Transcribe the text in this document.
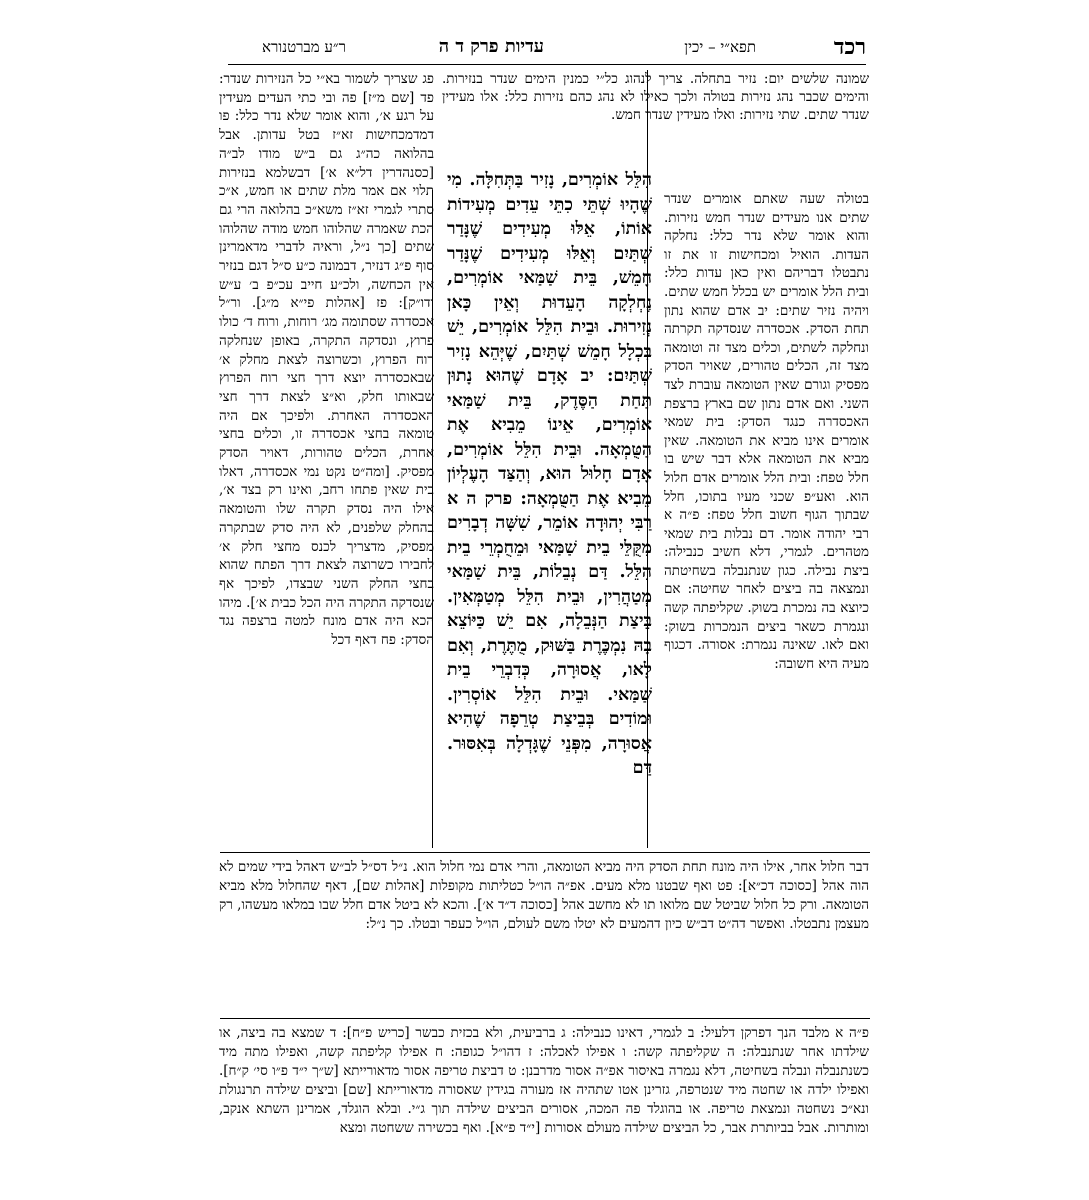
רכד
תפא״י – יכין
עדיות פרק ד ה
ר״ע מברטנורא
פג שצריך לשמור בא״י כל הנזירות שנדר: פד [שם מ״ז] פה ובי כתי העדים מעידין על רגע א׳, והוא אומר שלא נדר כלל: פו דמדמכחישות זא״ז בטל עדותן. אבל בהלואה כה״ג גם ב״ש מודו לב״ה [כסנהדרין דל״א א׳] דבשלמא בנזירות תלוי אם אמר מלת שתים או חמש, א״כ סתרי לגמרי זא״ז משא״כ בהלואה הרי גם הכת שאמרה שהלוהו חמש מודה שהלוהו שתים [כך נ״ל, וראיה לדברי מדאמרינן סוף פ״ג דנזיר, דבמונה כ״ע ס״ל דגם בנזיר אין הכחשה, ולכ״ע חייב עכ״פ ב׳ ע״ש ודו״ק]: פז [אהלות פי״א מ״ג]. ור״ל אכסדרה שסתומה מג׳ רוחות, ורוח ד׳ כולו פרוץ, ונסדקה התקרה, באופן שנחלקה רוח הפרוץ, וכשרוצה לצאת מחלק א׳ שבאכסדרה יוצא דרך חצי רוח הפרוץ שבאותו חלק, וא״צ לצאת דרך חצי האכסדרה האחרת. ולפיכך אם היה טומאה בחצי אכסדרה זו, וכלים בחצי אחרת, הכלים טהורות, דאויר הסדק מפסיק. [ומה״ט נקט נמי אכסדרה, דאלו בית שאין פתחו רחב, ואינו רק בצד א׳, אילו היה נסדק תקרה שלו והטומאה בהחלק שלפנים, לא היה סדק שבתקרה מפסיק, מדצריך לכנס מחצי חלק א׳ לחבירו כשרוצה לצאת דרך הפתח שהוא בחצי החלק השני שבצדו, לפיכך אף שנסדקה התקרה היה הכל כבית א׳]. מיהו הכא היה אדם מונח למטה ברצפה נגד הסדק: פח דאף דכל
שמונה שלשים יום: נזיר בתחלה. צריך לנהוג כל״י כמנין הימים שנדר בנזירות. והימים שכבר נהג נזירות בטולה ולכך כאילו לא נהג כהם נזירות כלל: אלו מעידין שנדר שתים. שתי נזירות: ואלו מעידין שנדר חמש.
הִלֵּל אוֹמְרִים, נָזִיר בַּתְּחִלָּה. מִי שֶׁהָיוּ שְׁתֵּי כִתֵּי עֵדִים מְעִידוֹת אוֹתוֹ, אֵלּוּ מְעִידִים שֶׁנָּדַר שְׁתַּיִם וְאֵלּוּ מְעִידִים שֶׁנָּדַר חָמֵשׁ, בֵּית שַׁמַּאי אוֹמְרִים, נֶחְלְקָה הָעֵדוּת וְאֵין כָּאן נְזִירוּת. וּבֵית הִלֵּל אוֹמְרִים, יֵשׁ בִּכְלָל חָמֵשׁ שְׁתַּיִם, שֶׁיְּהֵא נָזִיר שְׁתַּיִם: יב אָדָם שֶׁהוּא נָתוּן תַּחַת הַסֶּדֶק, בֵּית שַׁמַּאי אוֹמְרִים, אֵינוֹ מֵבִיא אֶת הַטֻּמְאָה. וּבֵית הִלֵּל אוֹמְרִים, אָדָם חָלוּל הוּא, וְהַצַּד הָעֶלְיוֹן מֵבִיא אֶת הַטֻּמְאָה: פרק ה א רַבִּי יְהוּדָה אוֹמֵר, שִׁשָּׁה דְבָרִים מִקֻּלֵּי בֵית שַׁמַּאי וּמֵחֻמְרֵי בֵית הִלֵּל. דַּם נְבֵלוֹת, בֵּית שַׁמַּאי מְטַהֲרִין, וּבֵית הִלֵּל מְטַמְּאִין. בֵּיצַת הַנְּבֵלָה, אִם יֵשׁ כַּיּוֹצֵא בָהּ נִמְכֶּרֶת בַּשּׁוּק, מֻתֶּרֶת, וְאִם לָאו, אֲסוּרָה, כְּדִבְרֵי בֵית שַׁמַּאי. וּבֵית הִלֵּל אוֹסְרִין. וּמוֹדִים בְּבֵיצַת טְרֵפָה שֶׁהִיא אֲסוּרָה, מִפְּנֵי שֶׁגָּדְלָה בְּאִסּוּר. דַּם
בטולה שעה שאתם אומרים שנדר שתים אנו מעידים שנדר חמש נזירות. והוא אומר שלא נדר כלל: נחלקה העדות. הואיל ומכחישות זו את זו נתבטלו דבריהם ואין כאן עדות כלל: ובית הלל אומרים יש בכלל חמש שתים. ויהיה נזיר שתים: יב אדם שהוא נתון תחת הסדק. אכסדרה שנסדקה תקרתה ונחלקה לשתים, וכלים מצד זה וטומאה מצד זה, הכלים טהורים, שאויר הסדק מפסיק וגורם שאין הטומאה עוברת לצד השני. ואם אדם נתון שם בארץ ברצפת האכסדרה כנגד הסדק: בית שמאי אומרים אינו מביא את הטומאה. שאין מביא את הטומאה אלא דבר שיש בו חלל טפח: ובית הלל אומרים אדם חלול הוא. ואע״פ שכני מעיו בתוכו, חלל שבתוך הגוף חשוב חלל טפח: פ״ה א רבי יהודה אומר. דם נבלות בית שמאי מטהרים. לגמרי, דלא חשיב כנבילה: ביצת נבילה. כגון שנתנבלה בשחיטתה ונמצאה בה ביצים לאחר שחיטה: אם כיוצא בה נמכרת בשוק. שקליפתה קשה ונגמרת כשאר ביצים הנמכרות בשוק: ואם לאו. שאינה נגמרת: אסורה. דכגוף מעיה היא חשובה:
דבר חלול אחר, אילו היה מונח תחת הסדק היה מביא הטומאה, והרי אדם נמי חלול הוא. נ״ל דס״ל לב״ש דאהל בידי שמים לא הוה אהל [כסוכה דכ״א]: פט ואף שבטנו מלא מעים. אפ״ה הו״ל כטליתות מקופלות [אהלות שם], דאף שהחלול מלא מביא הטומאה. ורק כל חלול שביטל שם מלואו תו לא מחשב אהל [כסוכה ד״ד א׳]. והכא לא ביטל אדם חלל שבו במלאו מעשהו, רק מעצמן נתבטלו. ואפשר דה״ט דב״ש כיון דהמעים לא יטלו משם לעולם, הו״ל כעפר ובטלו. כך נ״ל:
פ״ה א מלבד הנך דפרקן דלעיל: ב לגמרי, דאינו כנבילה: ג ברביעית, ולא בכזית כבשר [כריש פ״ח]: ד שמצא בה ביצה, או שילדתו אחר שנתנבלה: ה שקליפתה קשה: ו אפילו לאכלה: ז דהו״ל כגופה: ח אפילו קליפתה קשה, ואפילו מתה מיד כשנתנבלה ונבלה בשחיטה, דלא נגמרה באיסור אפ״ה אסור מדרבנן: ט דביצת טריפה אסור מדאורייתא [ש״ך י״ד פ״ו סי׳ ק״ח]. ואפילו ילדה או שחטה מיד שנטרפה, גזרינן אטו שתהיה אז מעורה בגידין שאסורה מדאורייתא [שם] וביצים שילדה תרנגולת ונא״כ נשחטה ונמצאת טריפה. או בהוגלד פה המכה, אסורים הביצים שילדה תוך ג״י. ובלא הוגלד, אמרינן השתא אנקב, ומותרות. אבל בביותרת אבר, כל הביצים שילדה מעולם אסורות [י״ד פ״א]. ואף בכשירה ששחטה ומצא
